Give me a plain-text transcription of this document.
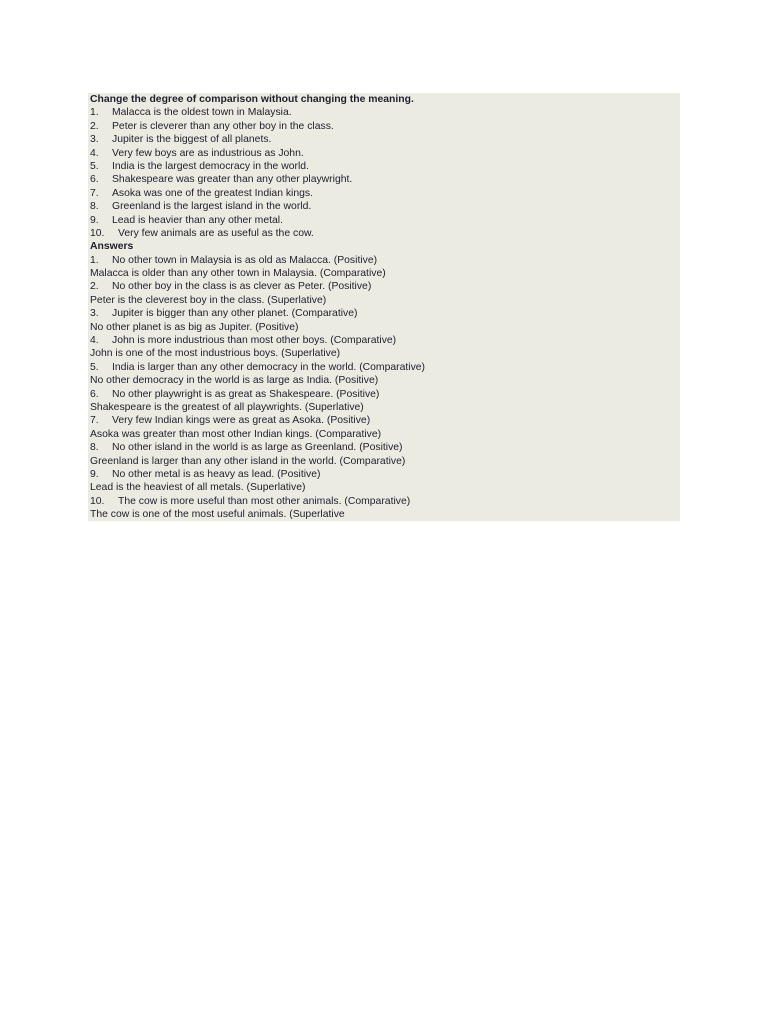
Change the degree of comparison without changing the meaning.
1. Malacca is the oldest town in Malaysia.
2. Peter is cleverer than any other boy in the class.
3. Jupiter is the biggest of all planets.
4. Very few boys are as industrious as John.
5. India is the largest democracy in the world.
6. Shakespeare was greater than any other playwright.
7. Asoka was one of the greatest Indian kings.
8. Greenland is the largest island in the world.
9. Lead is heavier than any other metal.
10. Very few animals are as useful as the cow.
Answers
1. No other town in Malaysia is as old as Malacca. (Positive)
Malacca is older than any other town in Malaysia. (Comparative)
2. No other boy in the class is as clever as Peter. (Positive)
Peter is the cleverest boy in the class. (Superlative)
3. Jupiter is bigger than any other planet. (Comparative)
No other planet is as big as Jupiter. (Positive)
4. John is more industrious than most other boys. (Comparative)
John is one of the most industrious boys. (Superlative)
5. India is larger than any other democracy in the world. (Comparative)
No other democracy in the world is as large as India. (Positive)
6. No other playwright is as great as Shakespeare. (Positive)
Shakespeare is the greatest of all playwrights. (Superlative)
7. Very few Indian kings were as great as Asoka. (Positive)
Asoka was greater than most other Indian kings. (Comparative)
8. No other island in the world is as large as Greenland. (Positive)
Greenland is larger than any other island in the world. (Comparative)
9. No other metal is as heavy as lead. (Positive)
Lead is the heaviest of all metals. (Superlative)
10. The cow is more useful than most other animals. (Comparative)
The cow is one of the most useful animals. (Superlative
